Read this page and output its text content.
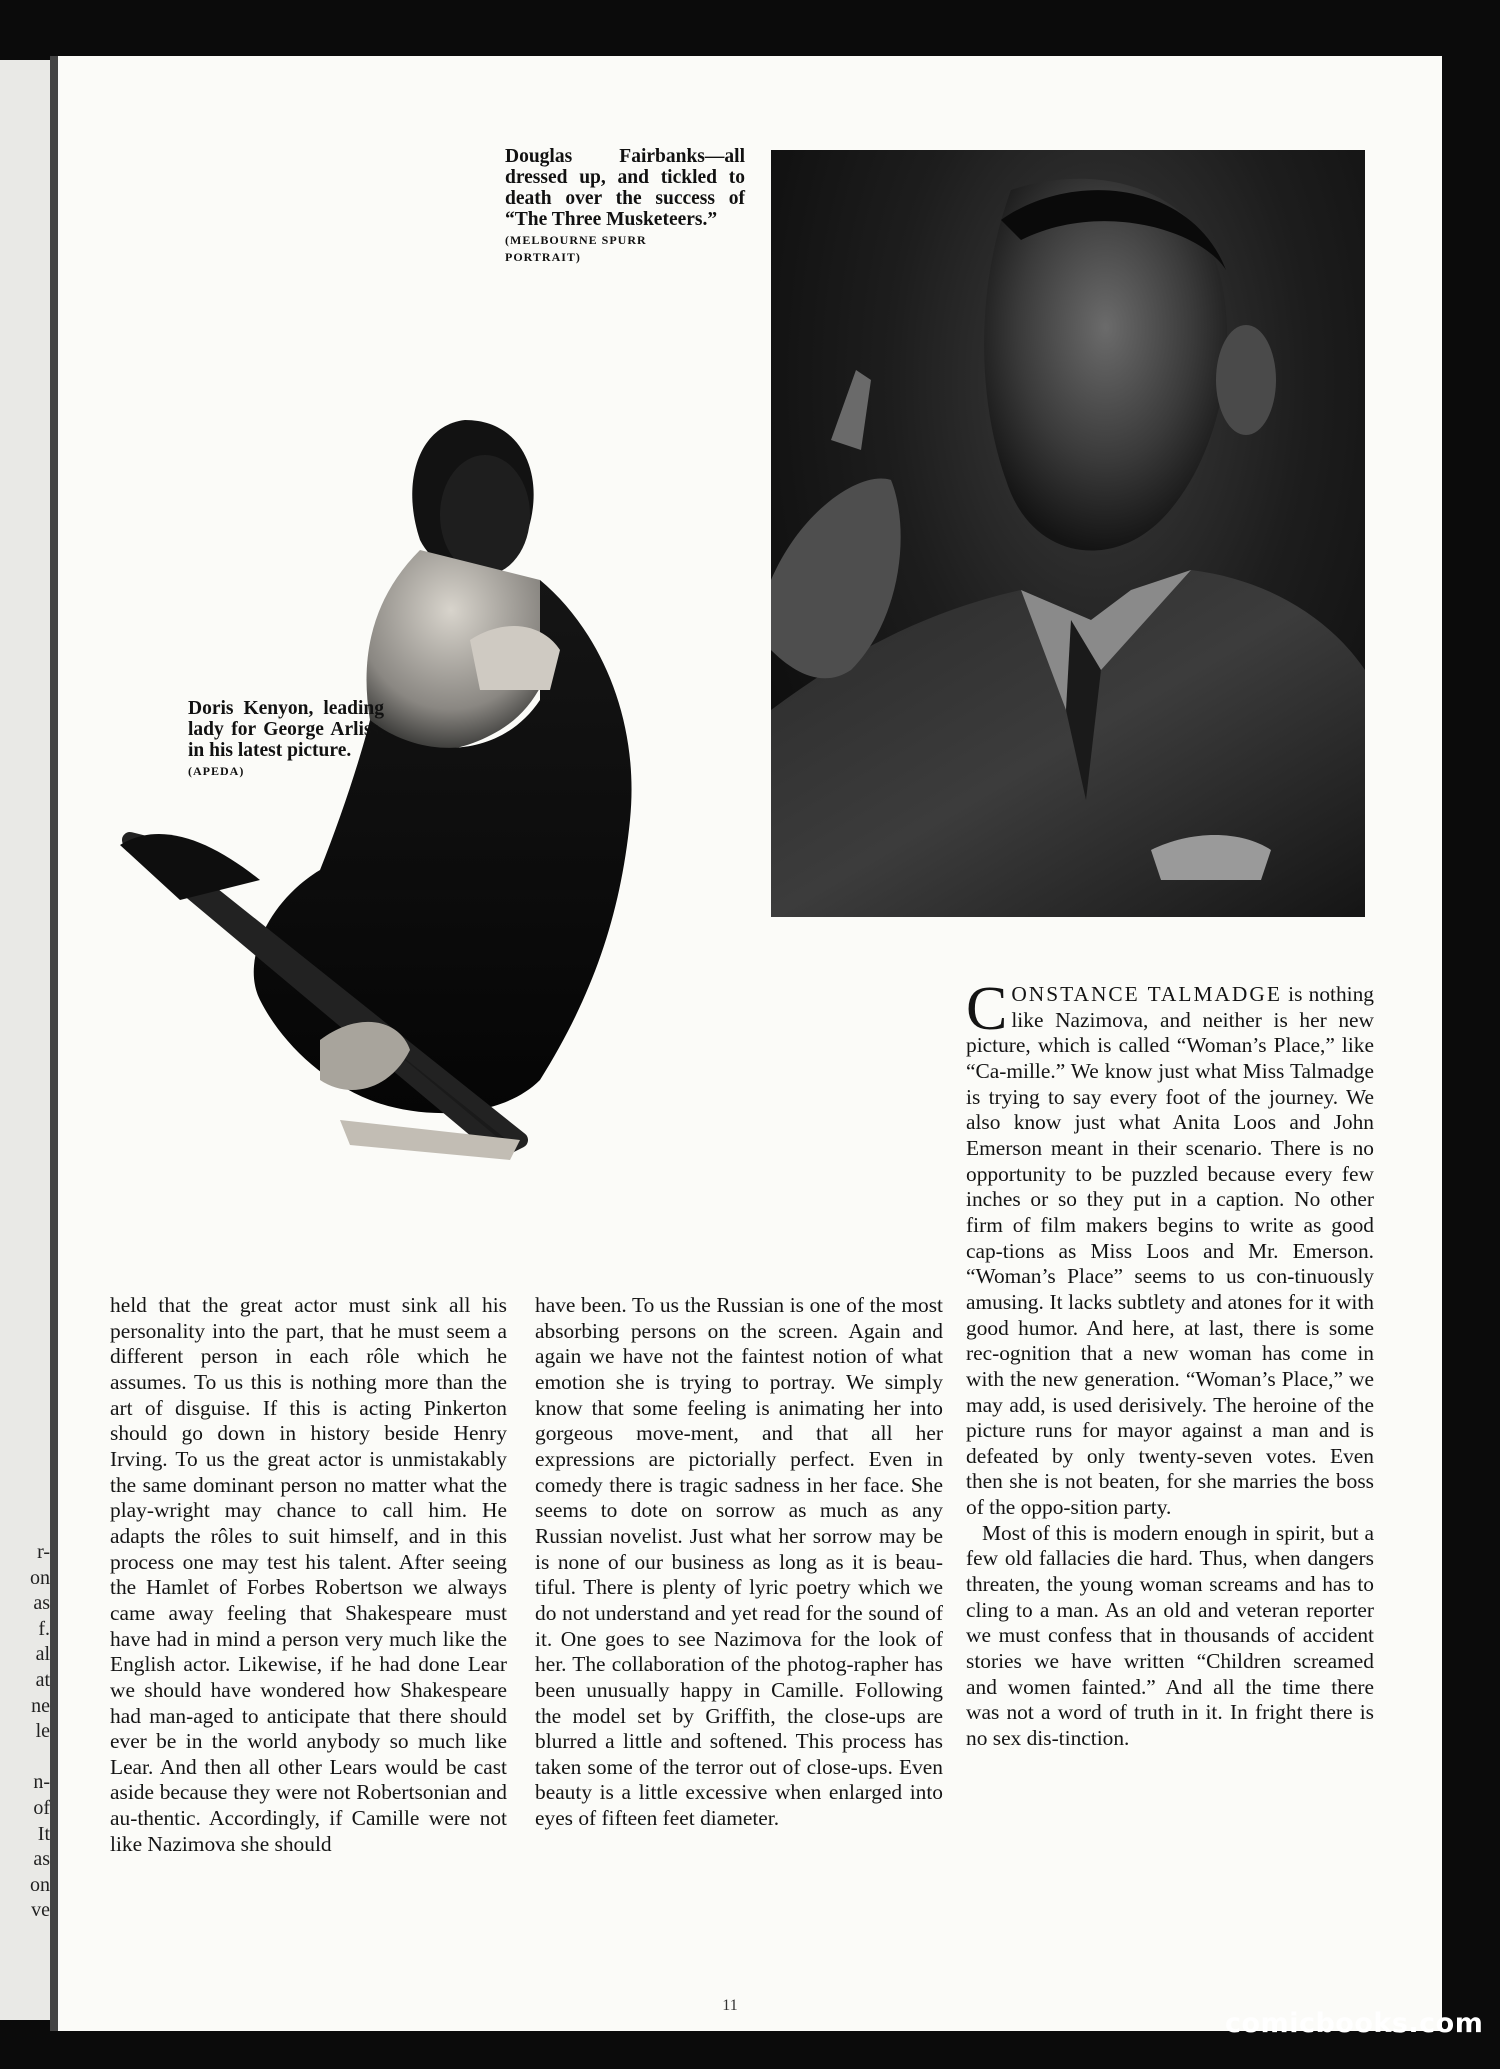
r-
on
as
f.
al
at
ne
le
n-
of
It
as
on
ve
Douglas Fairbanks—all dressed up, and tickled to death over the success of “The Three Musketeers.”
(MELBOURNE SPURR
PORTRAIT)
Doris Kenyon, leading lady for George Arliss, in his latest picture.
(APEDA)

held that the great actor must sink all his personality into the part, that he must seem a different person in each rôle which he assumes. To us this is nothing more than the art of disguise. If this is acting Pinkerton should go down in history beside Henry Irving. To us the great actor is unmistakably the same dominant person no matter what the play-wright may chance to call him. He adapts the rôles to suit himself, and in this process one may test his talent. After seeing the Hamlet of Forbes Robertson we always came away feeling that Shakespeare must have had in mind a person very much like the English actor. Likewise, if he had done Lear we should have wondered how Shakespeare had man-aged to anticipate that there should ever be in the world anybody so much like Lear. And then all other Lears would be cast aside because they were not Robertsonian and au-thentic. Accordingly, if Camille were not like Nazimova she should

have been. To us the Russian is one of the most absorbing persons on the screen. Again and again we have not the faintest notion of what emotion she is trying to portray. We simply know that some feeling is animating her into gorgeous move-ment, and that all her expressions are pictorially perfect. Even in comedy there is tragic sadness in her face. She seems to dote on sorrow as much as any Russian novelist. Just what her sorrow may be is none of our business as long as it is beau-tiful. There is plenty of lyric poetry which we do not understand and yet read for the sound of it. One goes to see Nazimova for the look of her. The collaboration of the photog-rapher has been unusually happy in Camille. Following the model set by Griffith, the close-ups are blurred a little and softened. This process has taken some of the terror out of close-ups. Even beauty is a little excessive when enlarged into eyes of fifteen feet diameter.

CONSTANCE TALMADGE is nothing like Nazimova, and neither is her new picture, which is called “Woman’s Place,” like “Ca-mille.” We know just what Miss Talmadge is trying to say every foot of the journey. We also know just what Anita Loos and John Emerson meant in their scenario. There is no opportunity to be puzzled because every few inches or so they put in a caption. No other firm of film makers begins to write as good cap-tions as Miss Loos and Mr. Emerson. “Woman’s Place” seems to us con-tinuously amusing. It lacks subtlety and atones for it with good humor. And here, at last, there is some rec-ognition that a new woman has come in with the new generation. “Woman’s Place,” we may add, is used derisively. The heroine of the picture runs for mayor against a man and is defeated by only twenty-seven votes. Even then she is not beaten, for she marries the boss of the oppo-sition party.

Most of this is modern enough in spirit, but a few old fallacies die hard. Thus, when dangers threaten, the young woman screams and has to cling to a man. As an old and veteran reporter we must confess that in thousands of accident stories we have written “Children screamed and women fainted.” And all the time there was not a word of truth in it. In fright there is no sex dis-tinction.

11
comicbooks.com
